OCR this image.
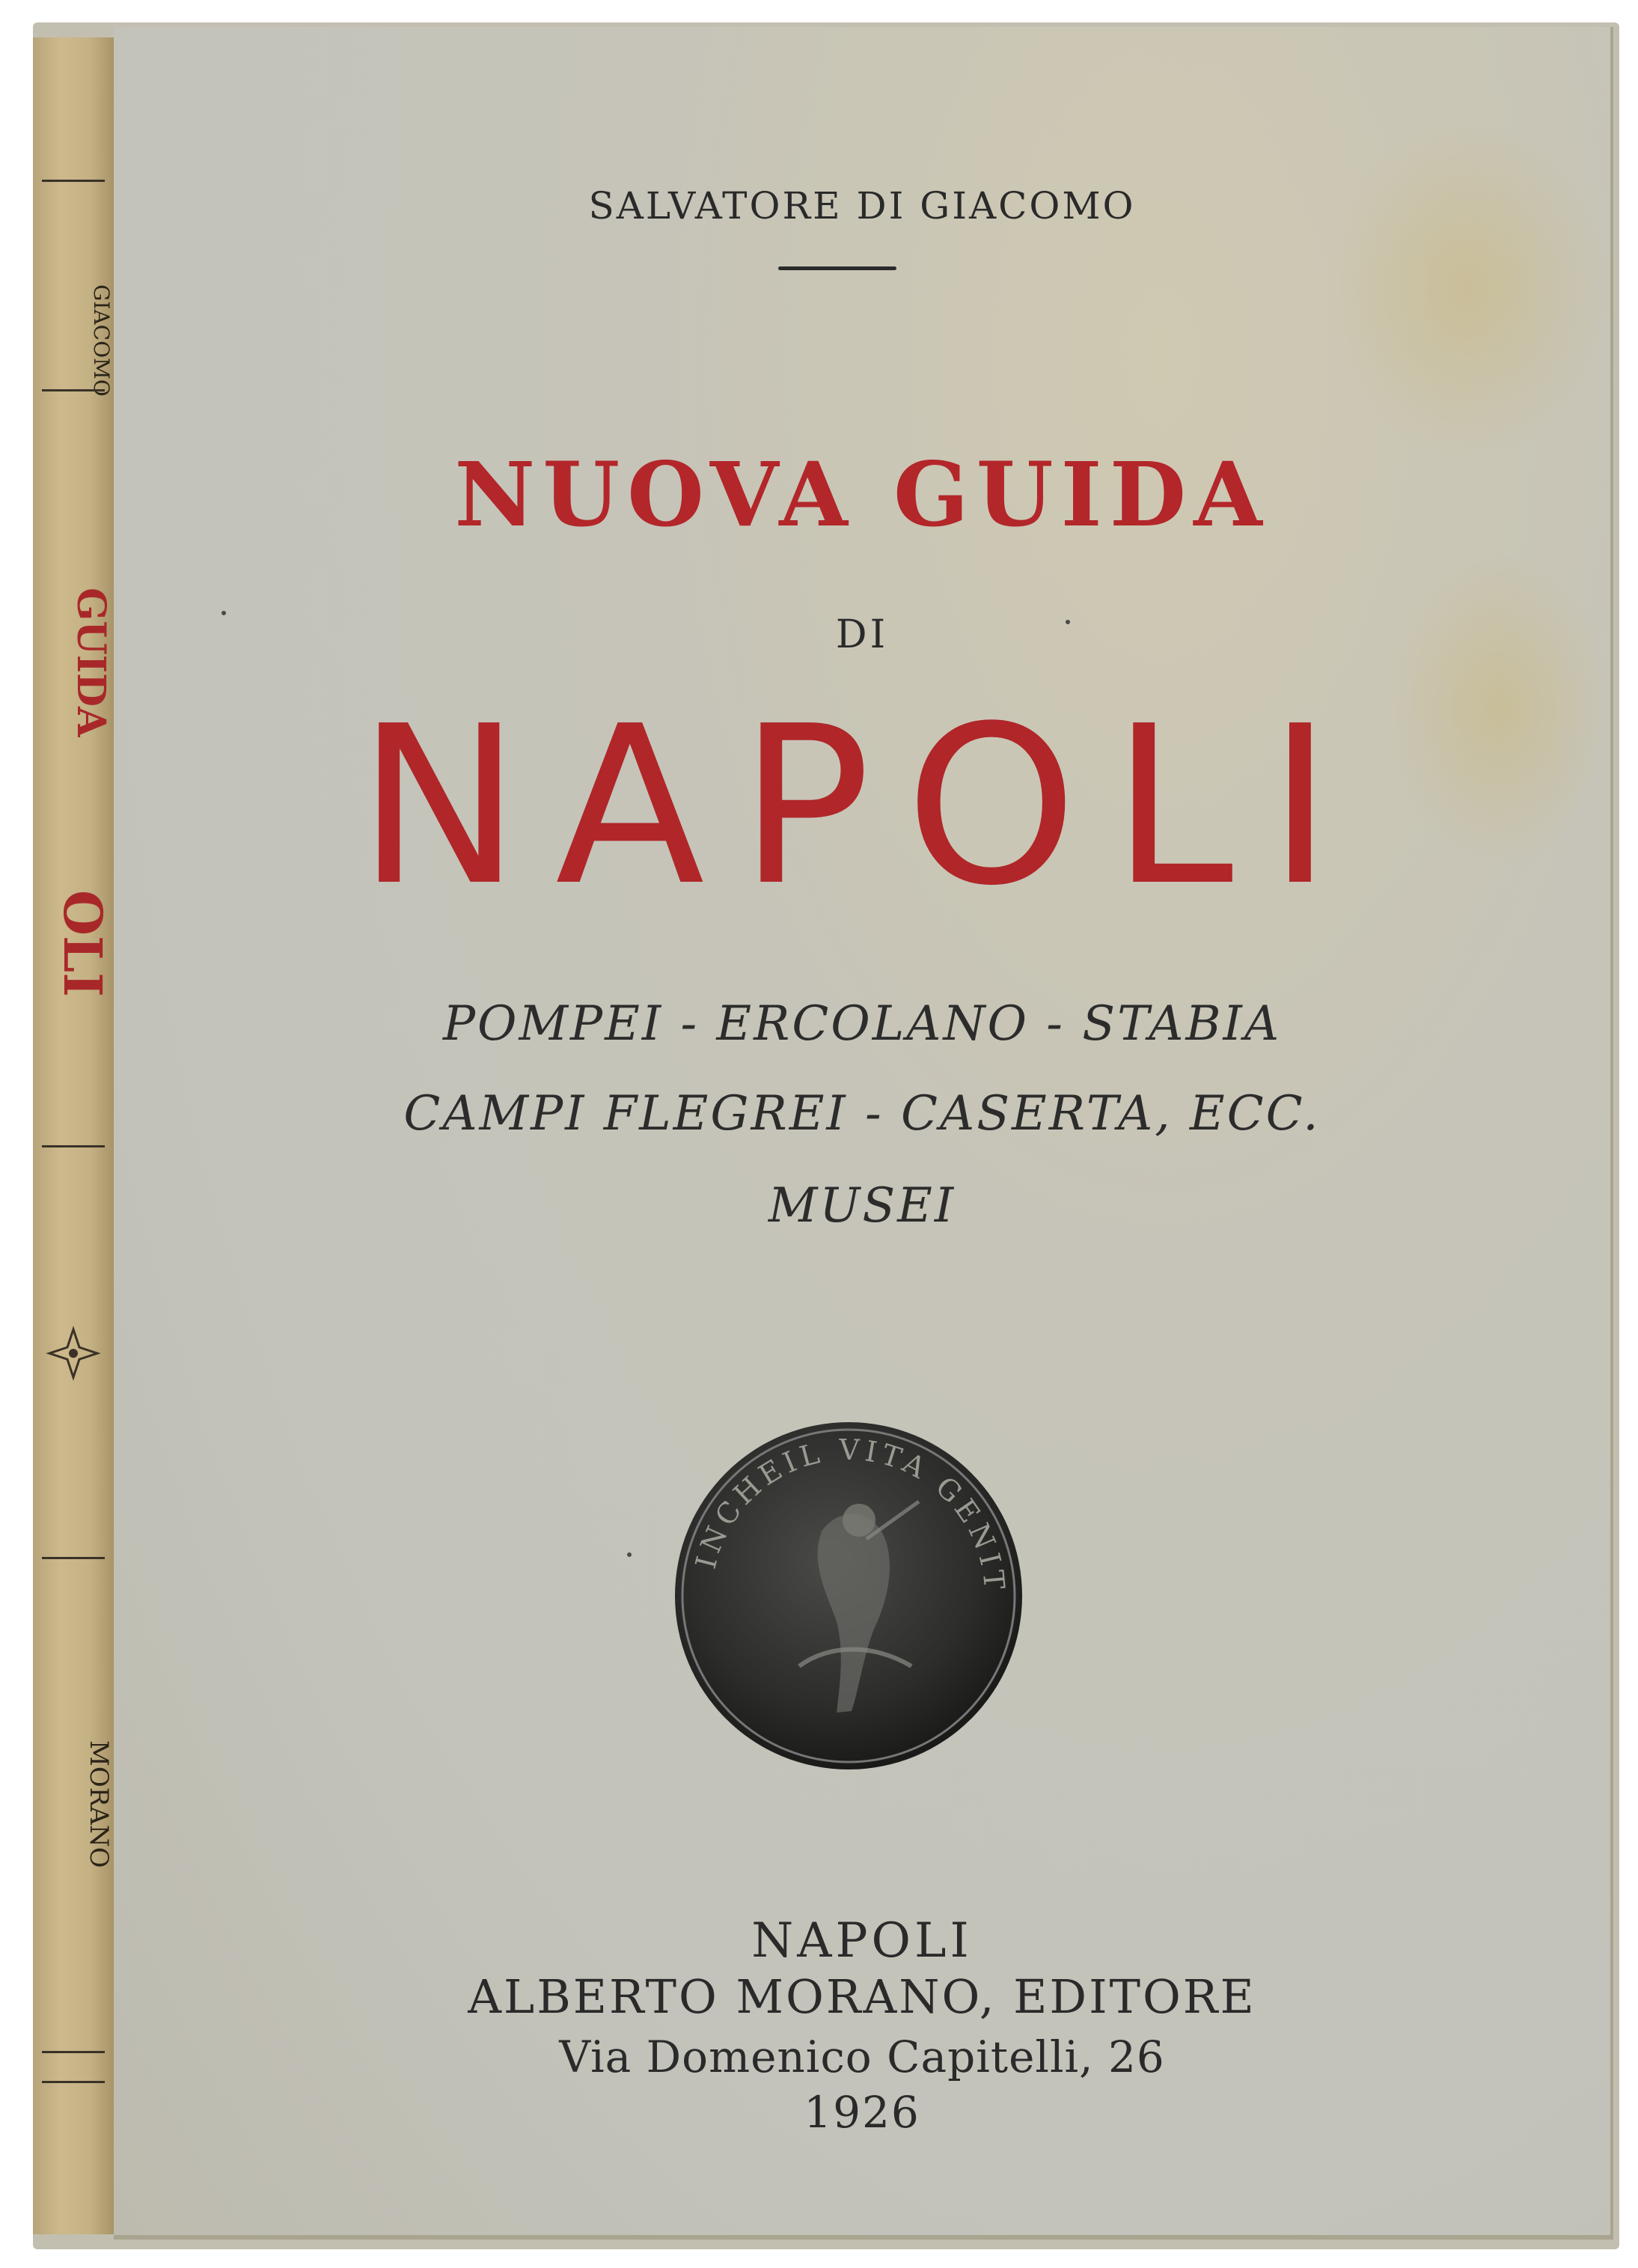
GIACOMO
GUIDA
OLI
MORANO
SALVATORE DI GIACOMO
NUOVA GUIDA
DI
NAPOLI
POMPEI - ERCOLANO - STABIA
CAMPI FLEGREI - CASERTA, ECC.
MUSEI
INCHEIL VITA GENIT
NAPOLI
ALBERTO MORANO, EDITORE
Via Domenico Capitelli, 26
1926
